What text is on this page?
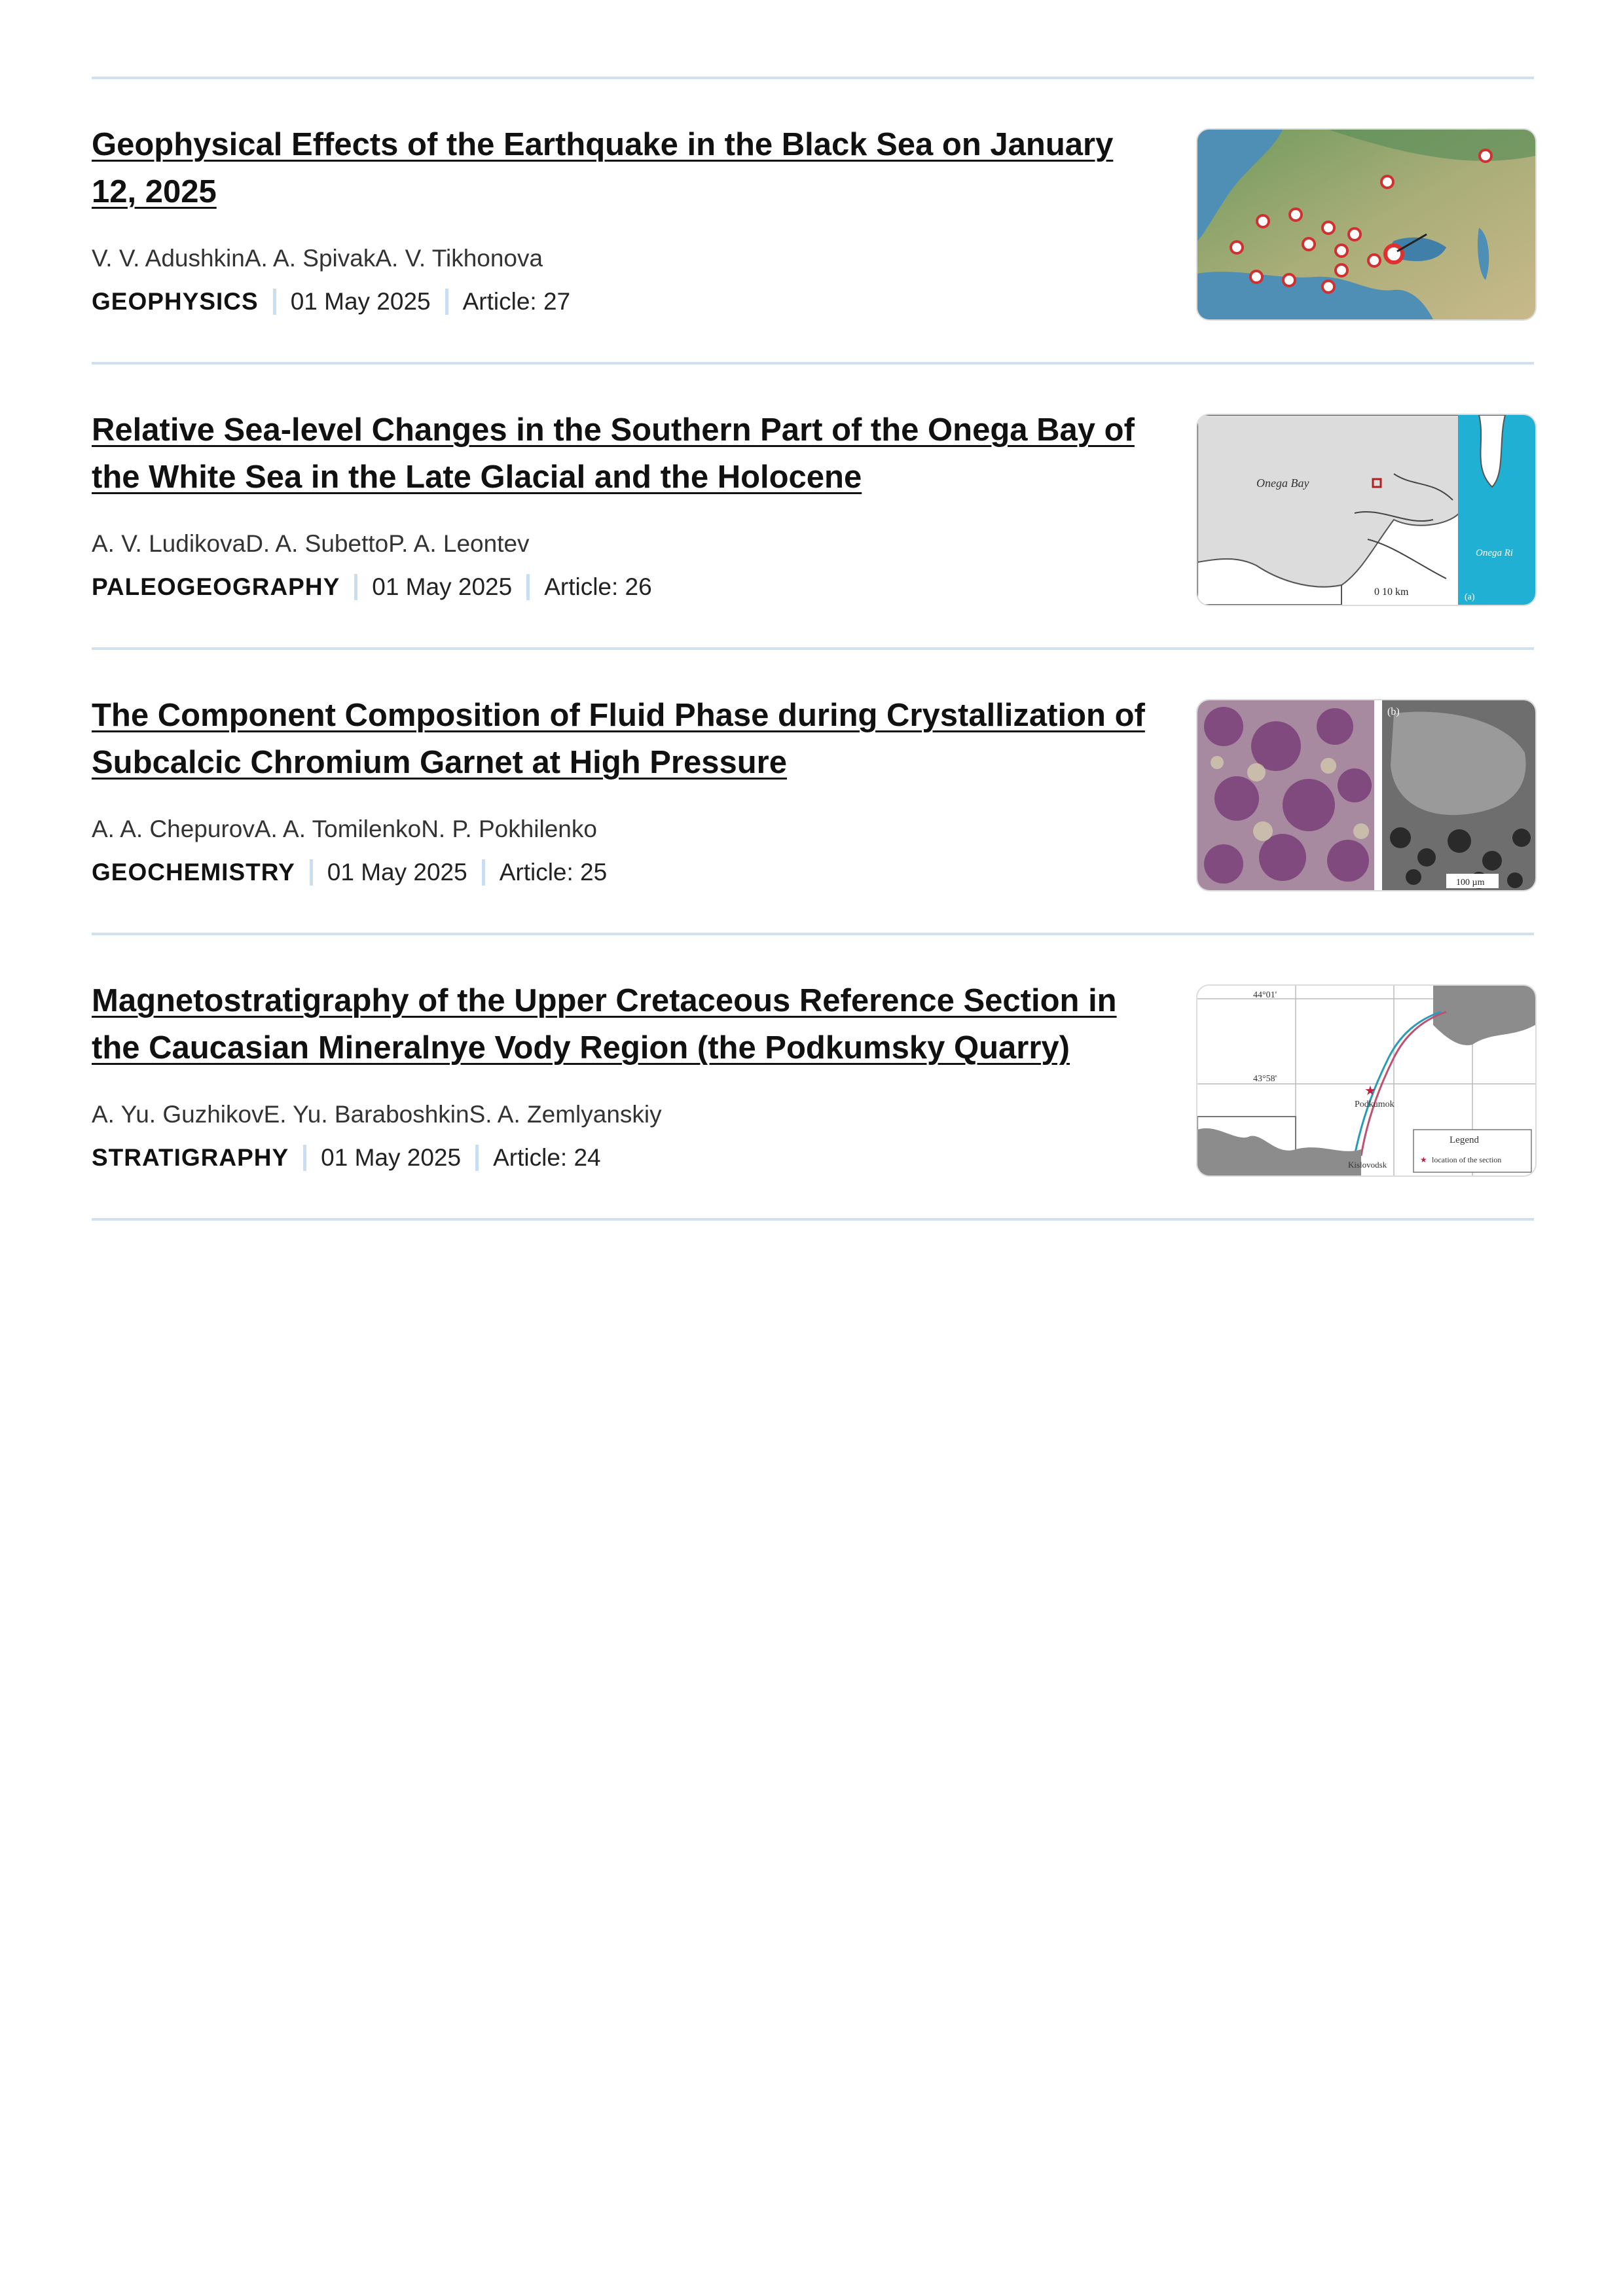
Geophysical Effects of the Earthquake in the Black Sea on January 12, 2025
V. V. AdushkinA. A. SpivakA. V. Tikhonova
GEOPHYSICS 01 May 2025 Article: 27
Relative Sea-level Changes in the Southern Part of the Onega Bay of the White Sea in the Late Glacial and the Holocene
A. V. LudikovaD. A. SubettoP. A. Leontev
PALEOGEOGRAPHY 01 May 2025 Article: 26
Onega Bay
Onega Ri
0 10 km	(a)
The Component Composition of Fluid Phase during Crystallization of Subcalcic Chromium Garnet at High Pressure
A. A. ChepurovA. A. TomilenkoN. P. Pokhilenko
GEOCHEMISTRY 01 May 2025 Article: 25
(b)
100 µm
Magnetostratigraphy of the Upper Cretaceous Reference Section in the Caucasian Mineralnye Vody Region (the Podkumsky Quarry)
A. Yu. GuzhikovE. Yu. BaraboshkinS. A. Zemlyanskiy
STRATIGRAPHY 01 May 2025 Article: 24
★
44°01'
43°58'
Podkumok
Kislovodsk
Legend
★ location of the section
